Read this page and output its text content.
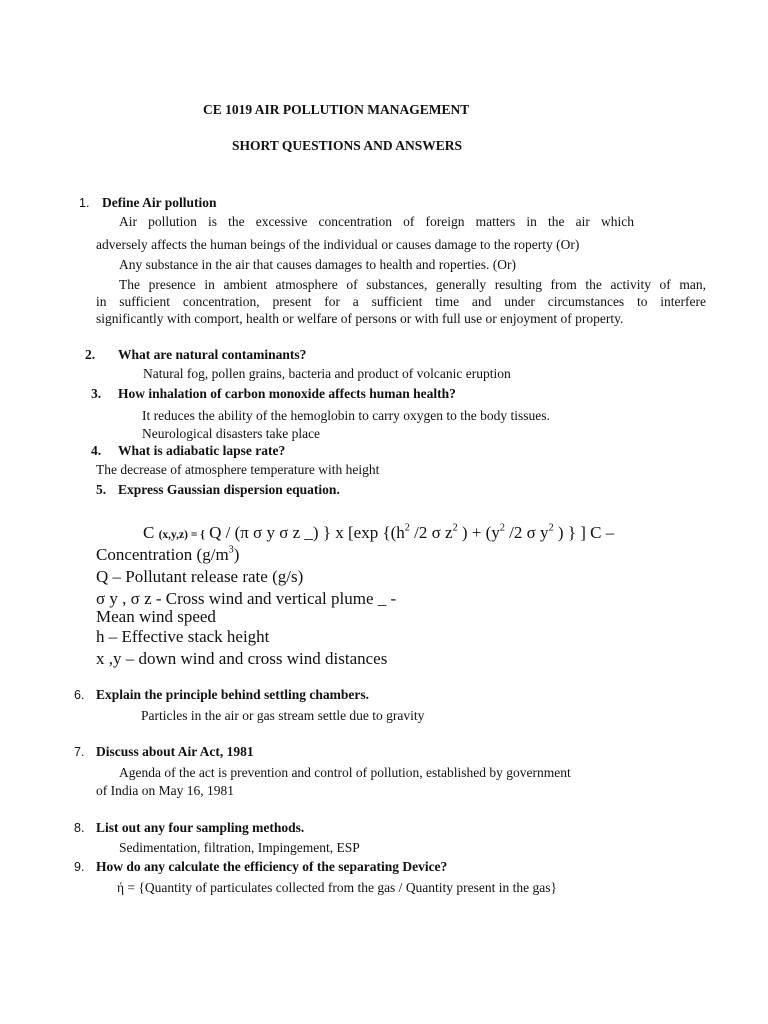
CE 1019 AIR POLLUTION MANAGEMENT
SHORT QUESTIONS AND ANSWERS
1. Define Air pollution
Air pollution is the excessive concentration of foreign matters in the air which
adversely affects the human beings of the individual or causes damage to the roperty (Or)
Any substance in the air that causes damages to health and roperties. (Or)
The presence in ambient atmosphere of substances, generally resulting from the activity of man,
in sufficient concentration, present for a sufficient time and under circumstances to interfere
significantly with comport, health or welfare of persons or with full use or enjoyment of property.
2. What are natural contaminants?
Natural fog, pollen grains, bacteria and product of volcanic eruption
3. How inhalation of carbon monoxide affects human health?
It reduces the ability of the hemoglobin to carry oxygen to the body tissues.
Neurological disasters take place
4. What is adiabatic lapse rate?
The decrease of atmosphere temperature with height
5. Express Gaussian dispersion equation.
C (x,y,z) = { Q / (π σ y σ z _) } x [exp {($h^2$ /2 σ $z^2$ ) + ($y^2$ /2 σ $y^2$ ) } ] C –
Concentration $(g/m^3)$
Q – Pollutant release rate (g/s)
σ y , σ z - Cross wind and vertical plume _ -
Mean wind speed
h – Effective stack height
x ,y – down wind and cross wind distances
6. Explain the principle behind settling chambers.
Particles in the air or gas stream settle due to gravity
7. Discuss about Air Act, 1981
Agenda of the act is prevention and control of pollution, established by government
of India on May 16, 1981
8. List out any four sampling methods.
Sedimentation, filtration, Impingement, ESP
9. How do any calculate the efficiency of the separating Device?
ή = {Quantity of particulates collected from the gas / Quantity present in the gas}
